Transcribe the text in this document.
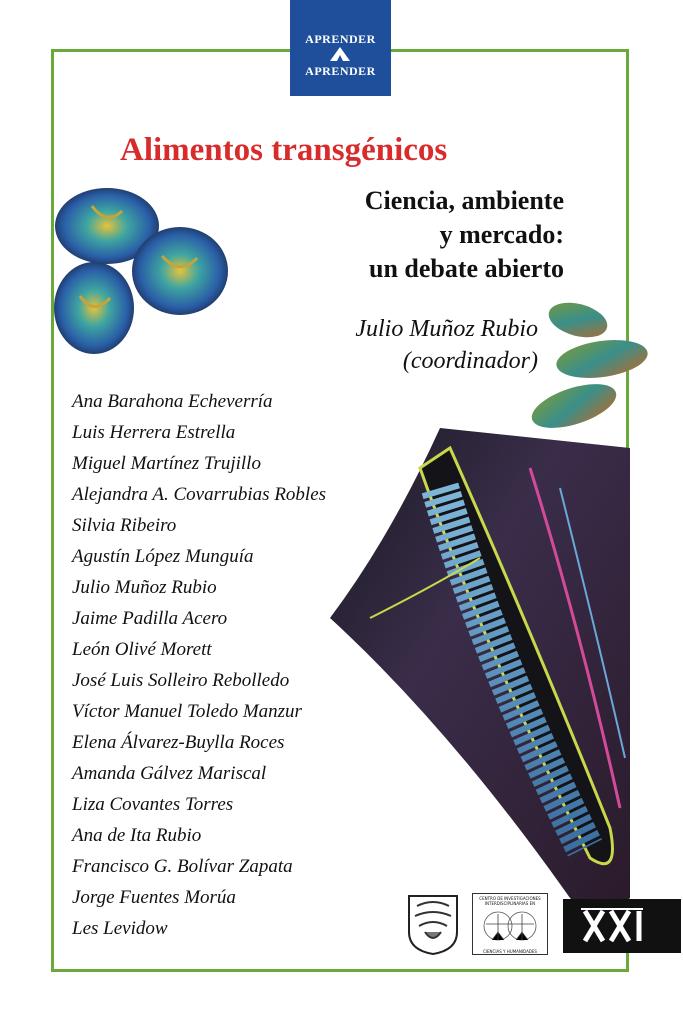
APRENDER
APRENDER
Alimentos transgénicos
Ciencia, ambiente
y mercado:
un debate abierto
Julio Muñoz Rubio
(coordinador)
Ana Barahona Echeverría
Luis Herrera Estrella
Miguel Martínez Trujillo
Alejandra A. Covarrubias Robles
Silvia Ribeiro
Agustín López Munguía
Julio Muñoz Rubio
Jaime Padilla Acero
León Olivé Morett
José Luis Solleiro Rebolledo
Víctor Manuel Toledo Manzur
Elena Álvarez-Buylla Roces
Amanda Gálvez Mariscal
Liza Covantes Torres
Ana de Ita Rubio
Francisco G. Bolívar Zapata
Jorge Fuentes Morúa
Les Levidow
CENTRO DE INVESTIGACIONES
INTERDISCIPLINARIAS EN
CIENCIAS Y HUMANIDADES
